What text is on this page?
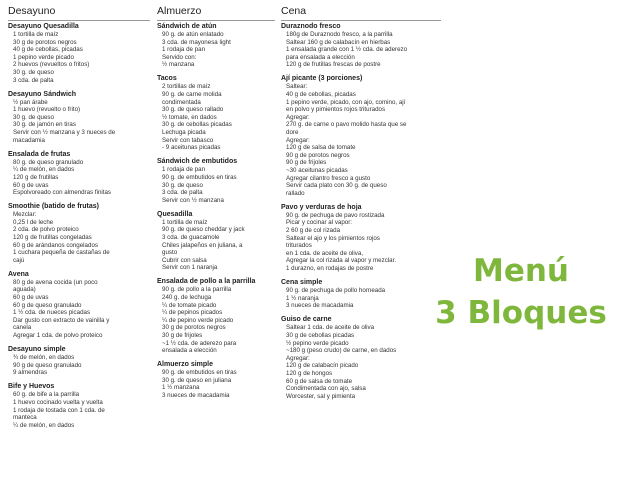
Desayuno
Desayuno Quesadilla
1 tortilla de maíz
30 g de porotos negros
40 g de cebollas, picadas
1 pepino verde picado
2 huevos (revueltos o fritos)
30 g. de queso
3 cda. de palta
Desayuno Sándwich
½ pan árabe
1 huevo (revuelto o frito)
30 g. de queso
30 g. de jamón en tiras
Servir con ½ manzana y 3 nueces de
macadamia
Ensalada de frutas
80 g. de queso granulado
¼ de melón, en dados
120 g de frutillas
60 g de uvas
Espolvoreado con almendras finitas
Smoothie (batido de frutas)
Mezclar:
0,25 l de leche
2 cda. de polvo proteico
120 g de frutillas congeladas
60 g de arándanos congelados
1 cuchara pequeña de castañas de
cajú
Avena
80 g de avena cocida (un poco
aguada)
60 g de uvas
60 g de queso granulado
1 ½ cda. de nueces picadas
Dar gusto con extracto de vainilla y
canela
Agregar 1 cda. de polvo proteico
Desayuno simple
¾ de melón, en dados
90 g de queso granulado
9 almendras
Bife y Huevos
60 g. de bife a la parrilla
1 huevo cocinado vuelta y vuelta
1 rodaja de tostada con 1 cda. de
manteca
¼ de melón, en dados
Almuerzo
Sándwich de atún
90 g. de atún enlatado
3 cda. de mayonesa light
1 rodaja de pan
Servido con:
½ manzana
Tacos
2 tortillas de maíz
90 g. de carne molida
condimentada
30 g. de queso rallado
½ tomate, en dados
30 g. de cebollas picadas
Lechuga picada
Servir con tabasco
- 9 aceitunas picadas
Sándwich de embutidos
1 rodaja de pan
90 g. de embutidos en tiras
30 g. de queso
3 cda. de palta
Servir con ½ manzana
Quesadilla
1 tortilla de maíz
90 g. de queso cheddar y jack
3 cda. de guacamole
Chiles jalapeños en juliana, a
gusto
Cubrir con salsa
Servir con 1 naranja
Ensalada de pollo a la parrilla
90 g. de pollo a la parrilla
240 g. de lechuga
¼ de tomate picado
¼ de pepinos picados
¼ de pepino verde picado
30 g de porotos negros
30 g de frijoles
~1 ½ cda. de aderezo para
ensalada a elección
Almuerzo simple
90 g. de embutidos en tiras
30 g. de queso en juliana
1 ½ manzana
3 nueces de macadamia
Cena
Duraznodo fresco
180g de Duraznodo fresco, a la parrilla
Saltear 160 g de calabacín en hierbas
1 ensalada grande con 1 ½ cda. de aderezo
para ensalada a elección
120 g de frutillas frescas de postre
Ají picante (3 porciones)
Saltear:
40 g de cebollas, picadas
1 pepino verde, picado, con ajo, comino, ají
en polvo y pimientos rojos triturados
Agregar:
270 g. de carne o pavo molido hasta que se
dore
Agregar:
120 g de salsa de tomate
90 g de porotos negros
90 g de frijoles
~30 aceitunas picadas
Agregar cilantro fresco a gusto
Servir cada plato con 30 g. de queso
rallado
Pavo y verduras de hoja
90 g. de pechuga de pavo rostizada
Picar y cocinar al vapor:
2 60 g de col rizada
Saltear el ajo y los pimientos rojos
triturados
en 1 cda. de aceite de oliva,
Agregar la col rizada al vapor y mezclar.
1 durazno, en rodajas de postre
Cena simple
90 g. de pechuga de pollo horneada
1 ½ naranja
3 nueces de macadamia
Guiso de carne
Saltear 1 cda. de aceite de oliva
30 g de cebollas picadas
½ pepino verde picado
~180 g (peso crudo) de carne, en dados
Agregar:
120 g de calabacín picado
120 g de hongos
60 g de salsa de tomate
Condimentada con ajo, salsa
Worcester, sal y pimienta
Menú
3 Bloques
